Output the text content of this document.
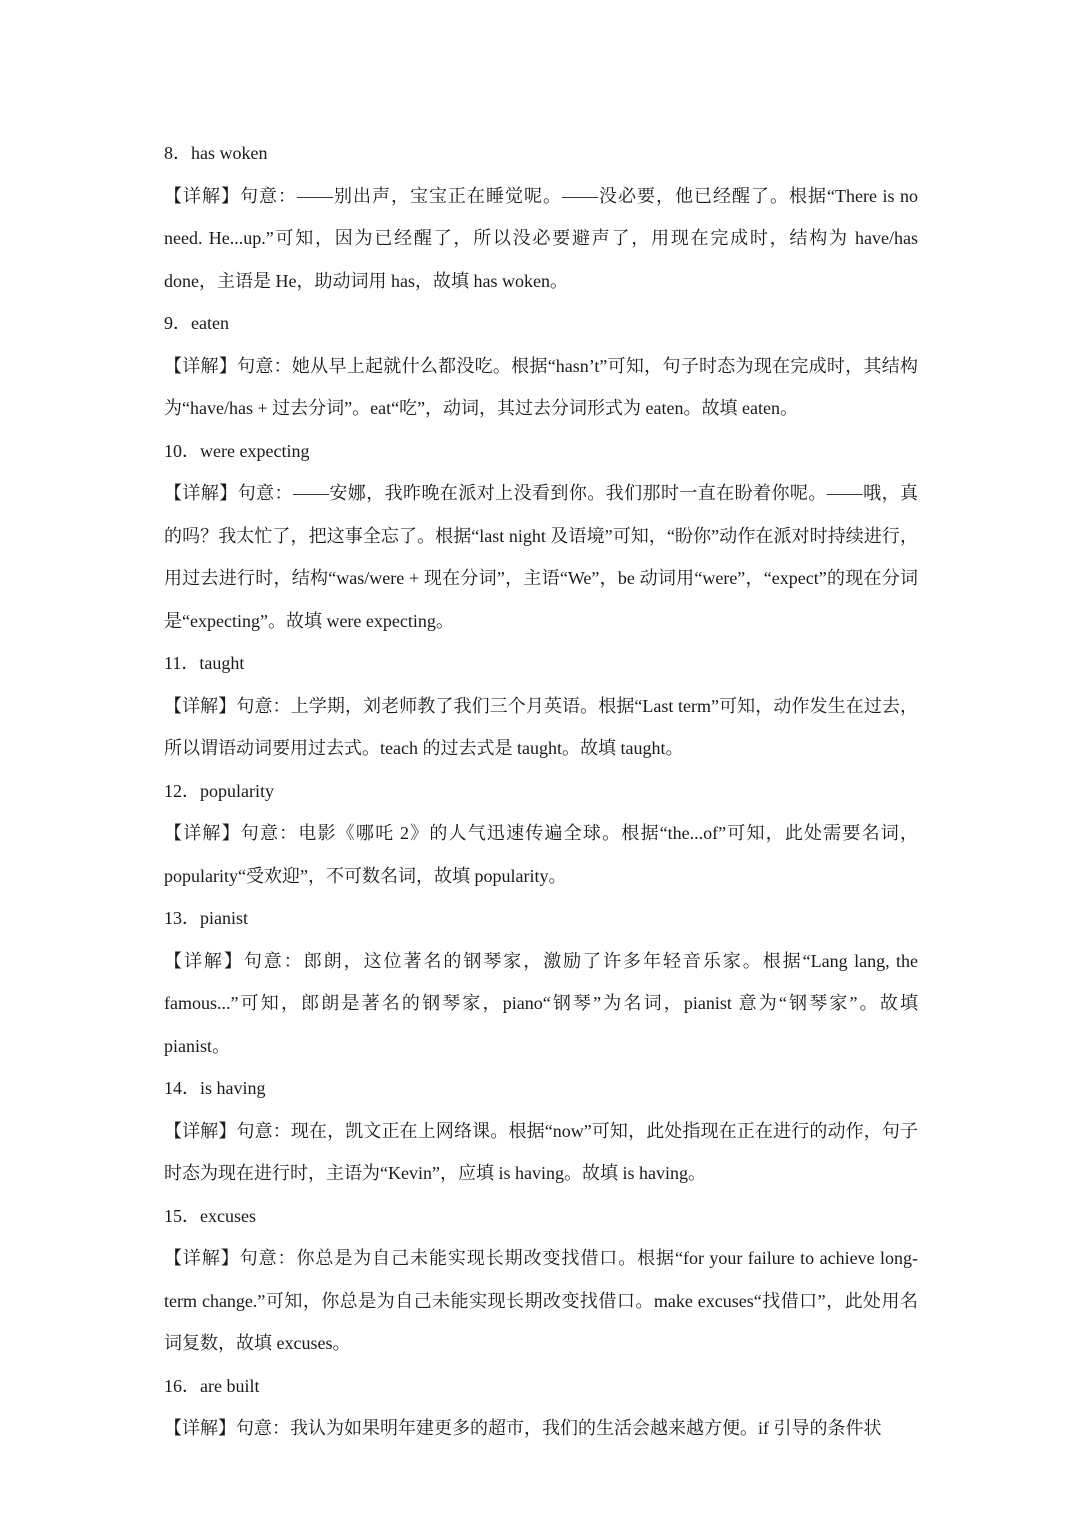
8．has woken
【详解】句意：——别出声，宝宝正在睡觉呢。——没必要，他已经醒了。根据“There is no need. He...up.”可知，因为已经醒了，所以没必要避声了，用现在完成时，结构为 have/has done，主语是 He，助动词用 has，故填 has woken。
9．eaten
【详解】句意：她从早上起就什么都没吃。根据“hasn’t”可知，句子时态为现在完成时，其结构为“have/has + 过去分词”。eat“吃”，动词，其过去分词形式为 eaten。故填 eaten。
10．were expecting
【详解】句意：——安娜，我昨晚在派对上没看到你。我们那时一直在盼着你呢。——哦，真的吗？我太忙了，把这事全忘了。根据“last night 及语境”可知，“盼你”动作在派对时持续进行，用过去进行时，结构“was/were + 现在分词”，主语“We”，be 动词用“were”，“expect”的现在分词是“expecting”。故填 were expecting。
11．taught
【详解】句意：上学期，刘老师教了我们三个月英语。根据“Last term”可知，动作发生在过去，所以谓语动词要用过去式。teach 的过去式是 taught。故填 taught。
12．popularity
【详解】句意：电影《哪吒 2》的人气迅速传遍全球。根据“the...of”可知，此处需要名词，popularity“受欢迎”，不可数名词，故填 popularity。
13．pianist
【详解】句意：郎朗，这位著名的钢琴家，激励了许多年轻音乐家。根据“Lang lang, the famous...”可知，郎朗是著名的钢琴家，piano“钢琴”为名词，pianist 意为“钢琴家”。故填 pianist。
14．is having
【详解】句意：现在，凯文正在上网络课。根据“now”可知，此处指现在正在进行的动作，句子时态为现在进行时，主语为“Kevin”，应填 is having。故填 is having。
15．excuses
【详解】句意：你总是为自己未能实现长期改变找借口。根据“for your failure to achieve long-term change.”可知，你总是为自己未能实现长期改变找借口。make excuses“找借口”，此处用名词复数，故填 excuses。
16．are built
【详解】句意：我认为如果明年建更多的超市，我们的生活会越来越方便。if 引导的条件状
